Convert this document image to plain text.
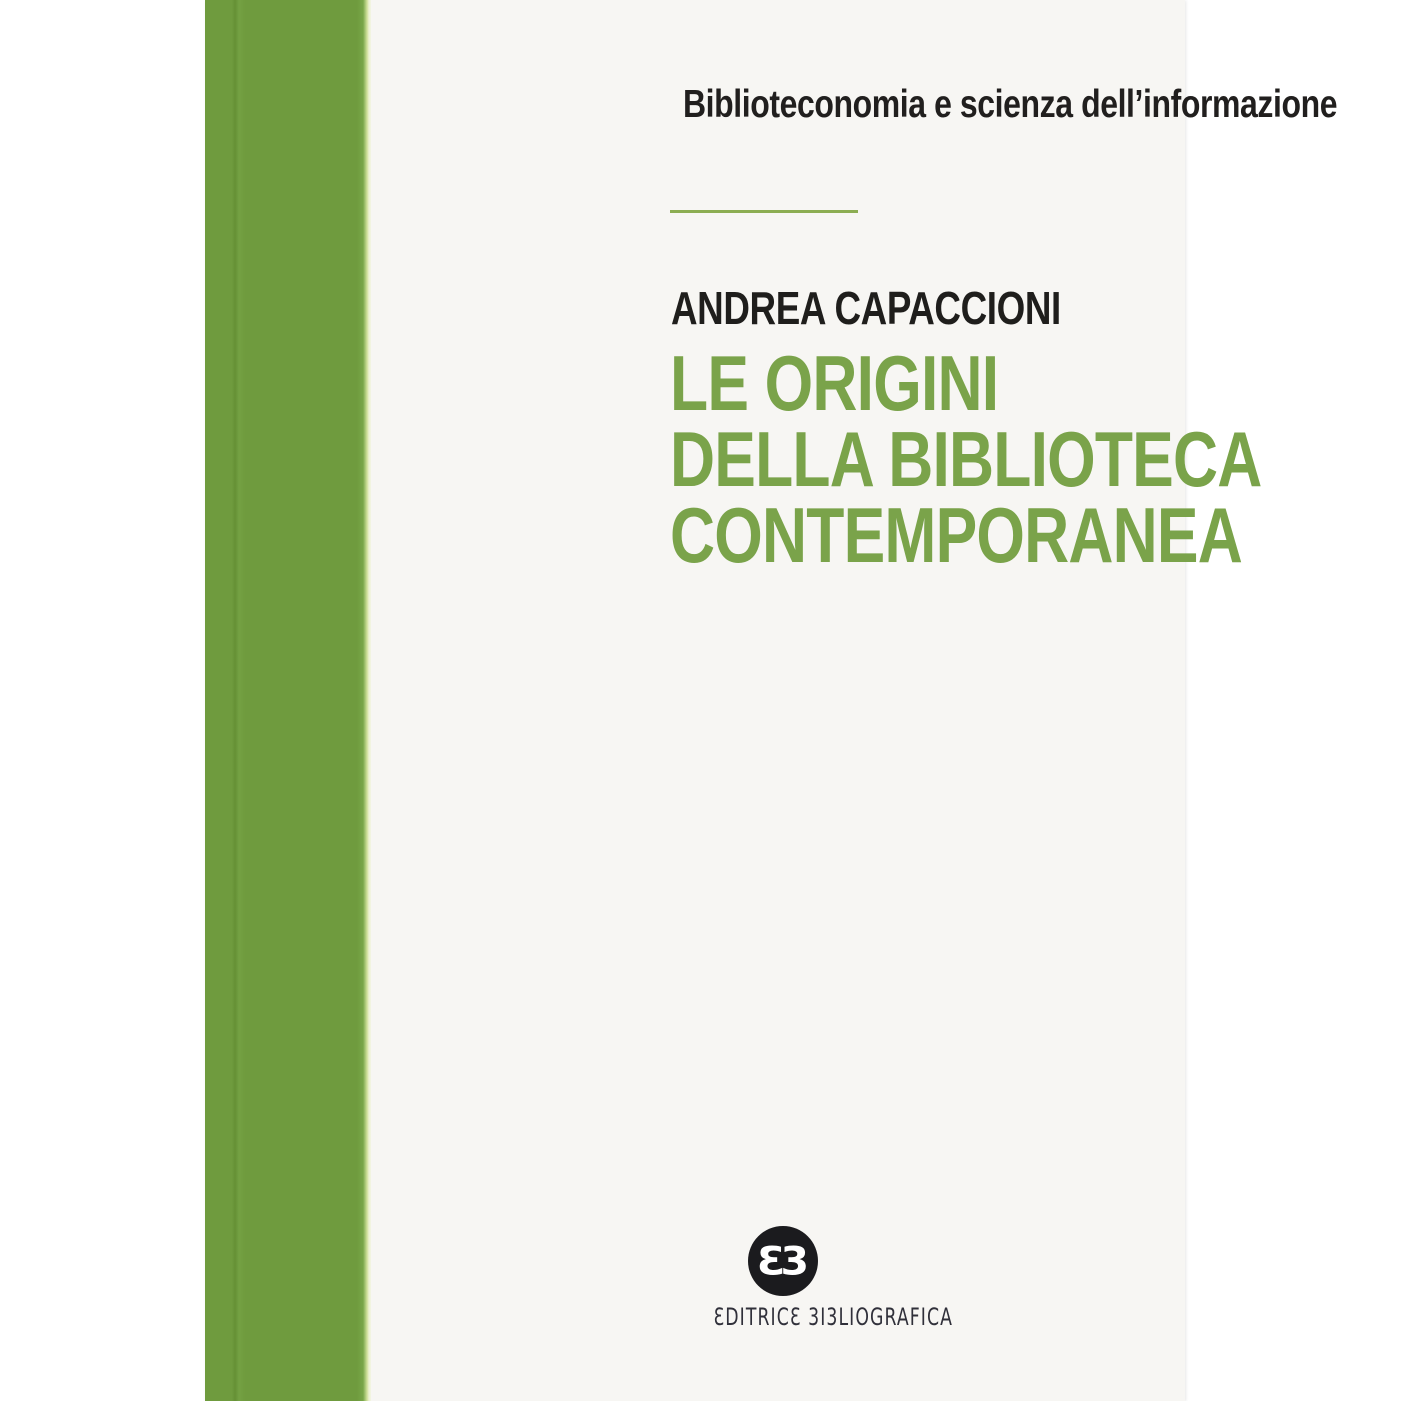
Biblioteconomia e scienza dell’informazione
ANDREA CAPACCIONI
LE ORIGINI
DELLA BIBLIOTECA
CONTEMPORANEA
Ɛ3
ƐDITRICƐ 3I3LIOGRAFICA
